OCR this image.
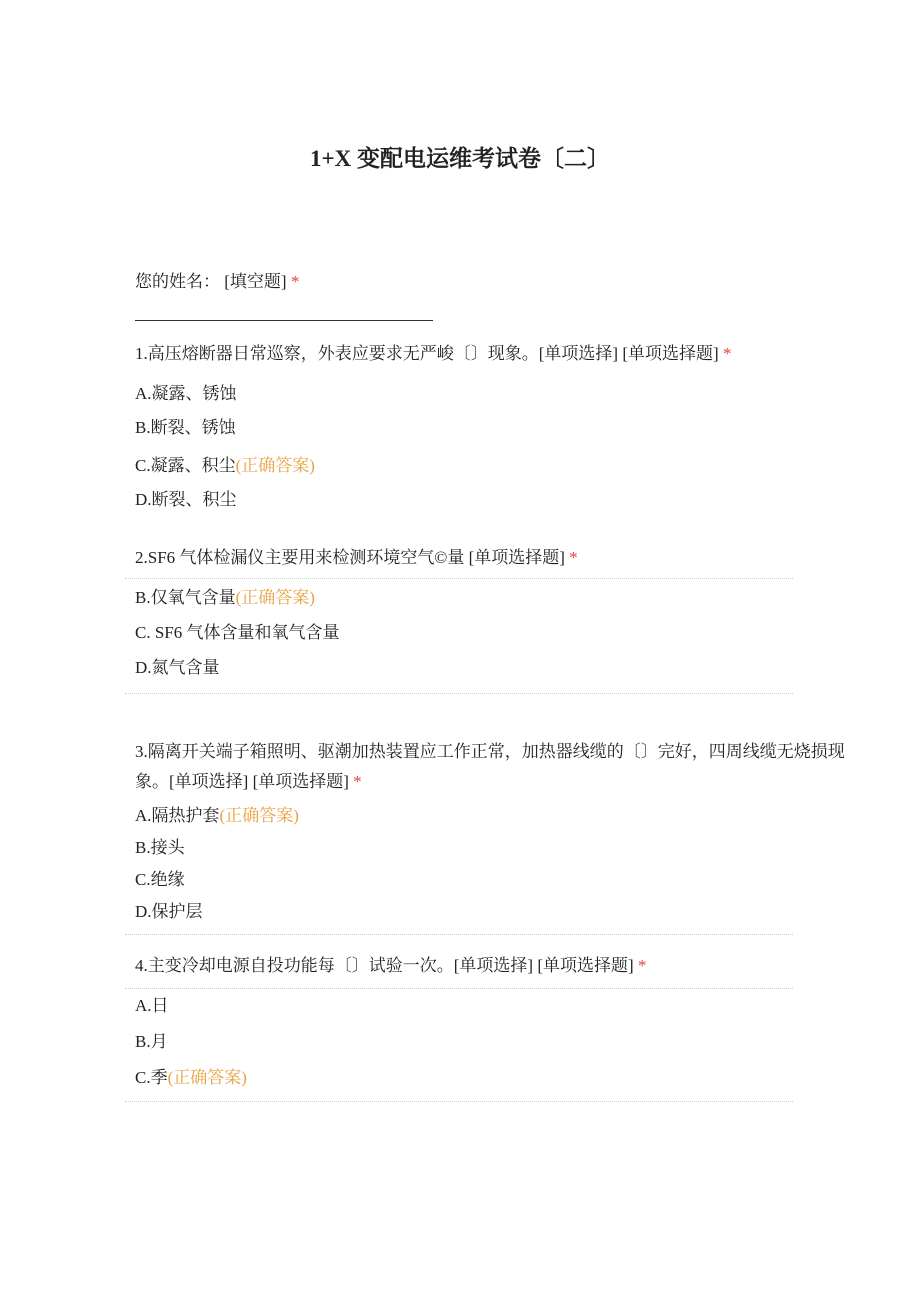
1+X 变配电运维考试卷〔二〕
您的姓名： [填空题] *
1.高压熔断器日常巡察，外表应要求无严峻〔〕现象。[单项选择] [单项选择题] *
A.凝露、锈蚀
B.断裂、锈蚀
C.凝露、积尘(正确答案)
D.断裂、积尘
2.SF6 气体检漏仪主要用来检测环境空气©量 [单项选择题] *
B.仅氧气含量(正确答案)
C. SF6 气体含量和氧气含量
D.氮气含量
3.隔离开关端子箱照明、驱潮加热装置应工作正常，加热器线缆的〔〕完好，四周线缆无烧损现象。[单项选择] [单项选择题] *
A.隔热护套(正确答案)
B.接头
C.绝缘
D.保护层
4.主变冷却电源自投功能每〔〕试验一次。[单项选择] [单项选择题] *
A.日
B.月
C.季(正确答案)
